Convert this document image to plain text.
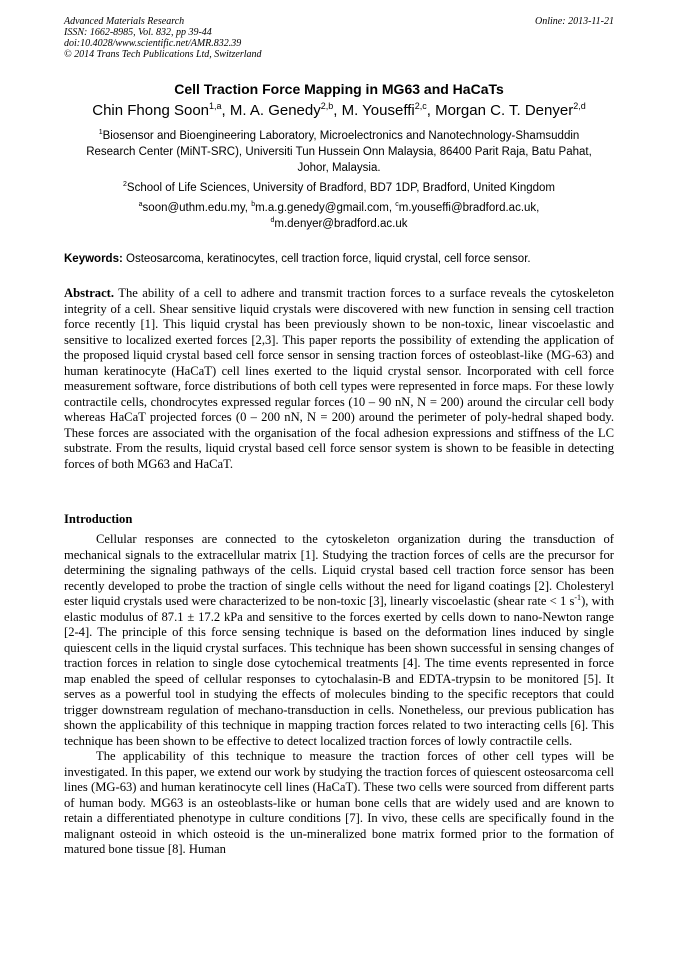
Advanced Materials Research
ISSN: 1662-8985, Vol. 832, pp 39-44
doi:10.4028/www.scientific.net/AMR.832.39
© 2014 Trans Tech Publications Ltd, Switzerland
Online: 2013-11-21
Cell Traction Force Mapping in MG63 and HaCaTs
Chin Fhong Soon$^{1,a}$, M. A. Genedy$^{2,b}$, M. Youseffi$^{2,c}$, Morgan C. T. Denyer$^{2,d}$
$^1$Biosensor and Bioengineering Laboratory, Microelectronics and Nanotechnology-Shamsuddin Research Center (MiNT-SRC), Universiti Tun Hussein Onn Malaysia, 86400 Parit Raja, Batu Pahat, Johor, Malaysia.
$^2$School of Life Sciences, University of Bradford, BD7 1DP, Bradford, United Kingdom
$^a$soon@uthm.edu.my, $^b$m.a.g.genedy@gmail.com, $^c$m.youseffi@bradford.ac.uk,
$^d$m.denyer@bradford.ac.uk
Keywords: Osteosarcoma, keratinocytes, cell traction force, liquid crystal, cell force sensor.
Abstract. The ability of a cell to adhere and transmit traction forces to a surface reveals the cytoskeleton integrity of a cell. Shear sensitive liquid crystals were discovered with new function in sensing cell traction force recently [1]. This liquid crystal has been previously shown to be non-toxic, linear viscoelastic and sensitive to localized exerted forces [2,3]. This paper reports the possibility of extending the application of the proposed liquid crystal based cell force sensor in sensing traction forces of osteoblast-like (MG-63) and human keratinocyte (HaCaT) cell lines exerted to the liquid crystal sensor. Incorporated with cell force measurement software, force distributions of both cell types were represented in force maps. For these lowly contractile cells, chondrocytes expressed regular forces (10 – 90 nN, N = 200) around the circular cell body whereas HaCaT projected forces (0 – 200 nN, N = 200) around the perimeter of poly-hedral shaped body. These forces are associated with the organisation of the focal adhesion expressions and stiffness of the LC substrate. From the results, liquid crystal based cell force sensor system is shown to be feasible in detecting forces of both MG63 and HaCaT.
Introduction

Cellular responses are connected to the cytoskeleton organization during the transduction of mechanical signals to the extracellular matrix [1]. Studying the traction forces of cells are the precursor for determining the signaling pathways of the cells. Liquid crystal based cell traction force sensor has been recently developed to probe the traction of single cells without the need for ligand coatings [2]. Cholesteryl ester liquid crystals used were characterized to be non-toxic [3], linearly viscoelastic (shear rate < 1 $s^{-1}$), with elastic modulus of 87.1 ± 17.2 kPa and sensitive to the forces exerted by cells down to nano-Newton range [2-4]. The principle of this force sensing technique is based on the deformation lines induced by single quiescent cells in the liquid crystal surfaces. This technique has been shown successful in sensing changes of traction forces in relation to single dose cytochemical treatments [4]. The time events represented in force map enabled the speed of cellular responses to cytochalasin-B and EDTA-trypsin to be monitored [5]. It serves as a powerful tool in studying the effects of molecules binding to the specific receptors that could trigger downstream regulation of mechano-transduction in cells. Nonetheless, our previous publication has shown the applicability of this technique in mapping traction forces related to two interacting cells [6]. This technique has been shown to be effective to detect localized traction forces of lowly contractile cells.

The applicability of this technique to measure the traction forces of other cell types will be investigated. In this paper, we extend our work by studying the traction forces of quiescent osteosarcoma cell lines (MG-63) and human keratinocyte cell lines (HaCaT). These two cells were sourced from different parts of human body. MG63 is an osteoblasts-like or human bone cells that are widely used and are known to retain a differentiated phenotype in culture conditions [7]. In vivo, these cells are specifically found in the malignant osteoid in which osteoid is the un-mineralized bone matrix formed prior to the formation of matured bone tissue [8]. Human
